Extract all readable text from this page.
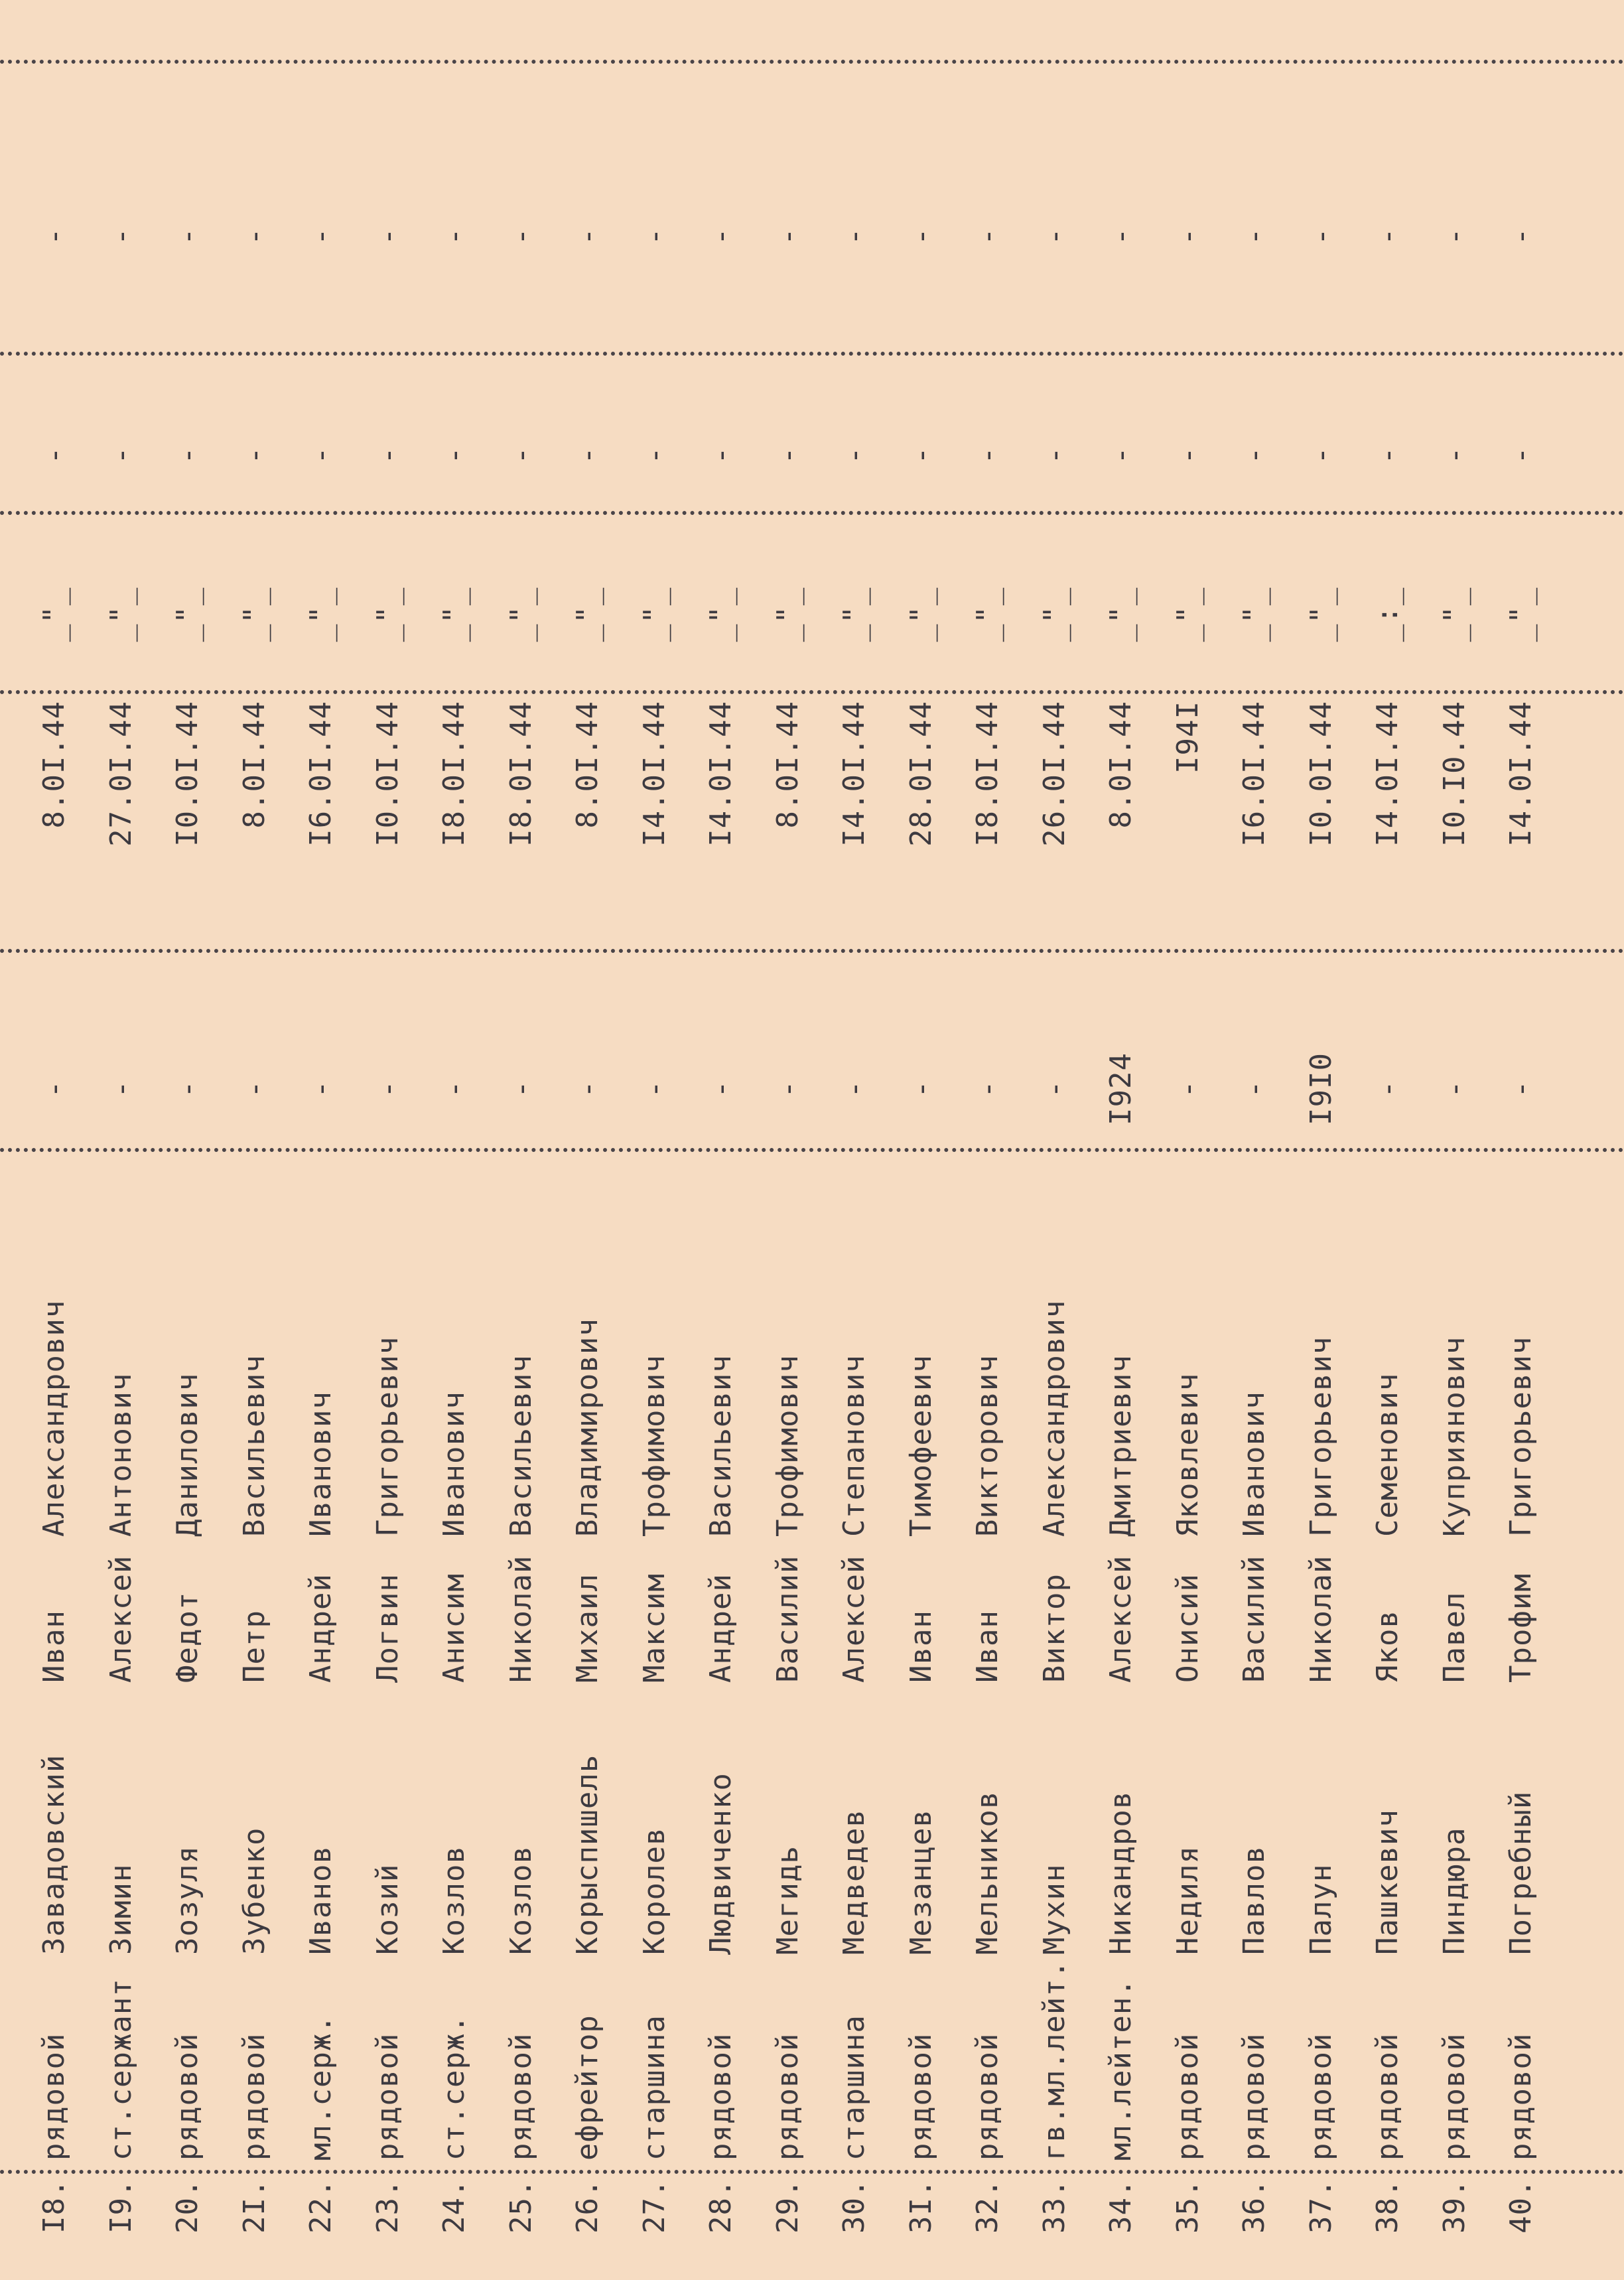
I8.
рядовой
Завадовский
Иван
Александрович
-
8.0I.44
_"_
-
-
I9.
ст.сержант
Зимин
Алексей
Антонович
-
27.0I.44
_"_
-
-
20.
рядовой
Зозуля
Федот
Данилович
-
I0.0I.44
_"_
-
-
2I.
рядовой
Зубенко
Петр
Васильевич
-
8.0I.44
_"_
-
-
22.
мл.серж.
Иванов
Андрей
Иванович
-
I6.0I.44
_"_
-
-
23.
рядовой
Козий
Логвин
Григорьевич
-
I0.0I.44
_"_
-
-
24.
ст.серж.
Козлов
Анисим
Иванович
-
I8.0I.44
_"_
-
-
25.
рядовой
Козлов
Николай
Васильевич
-
I8.0I.44
_"_
-
-
26.
ефрейтор
Корыспишель
Михаил
Владимирович
-
8.0I.44
_"_
-
-
27.
старшина
Королев
Максим
Трофимович
-
I4.0I.44
_"_
-
-
28.
рядовой
Людвиченко
Андрей
Васильевич
-
I4.0I.44
_"_
-
-
29.
рядовой
Мегидь
Василий
Трофимович
-
8.0I.44
_"_
-
-
30.
старшина
Медведев
Алексей
Степанович
-
I4.0I.44
_"_
-
-
3I.
рядовой
Мезанцев
Иван
Тимофеевич
-
28.0I.44
_"_
-
-
32.
рядовой
Мельников
Иван
Викторович
-
I8.0I.44
_"_
-
-
33.
гв.мл.лейт.
Мухин
Виктор
Александрович
-
26.0I.44
_"_
-
-
34.
мл.лейтен.
Никандров
Алексей
Дмитриевич
I924
8.0I.44
_"_
-
-
35.
рядовой
Недиля
Онисий
Яковлевич
-
I94I
_"_
-
-
36.
рядовой
Павлов
Василий
Иванович
-
I6.0I.44
_"_
-
-
37.
рядовой
Палун
Николай
Григорьевич
I9I0
I0.0I.44
_"_
-
-
38.
рядовой
Пашкевич
Яков
Семенович
-
I4.0I.44
_:_
-
-
39.
рядовой
Пиндюра
Павел
Куприянович
-
I0.I0.44
_"_
-
-
40.
рядовой
Погребный
Трофим
Григорьевич
-
I4.0I.44
_"_
-
-
